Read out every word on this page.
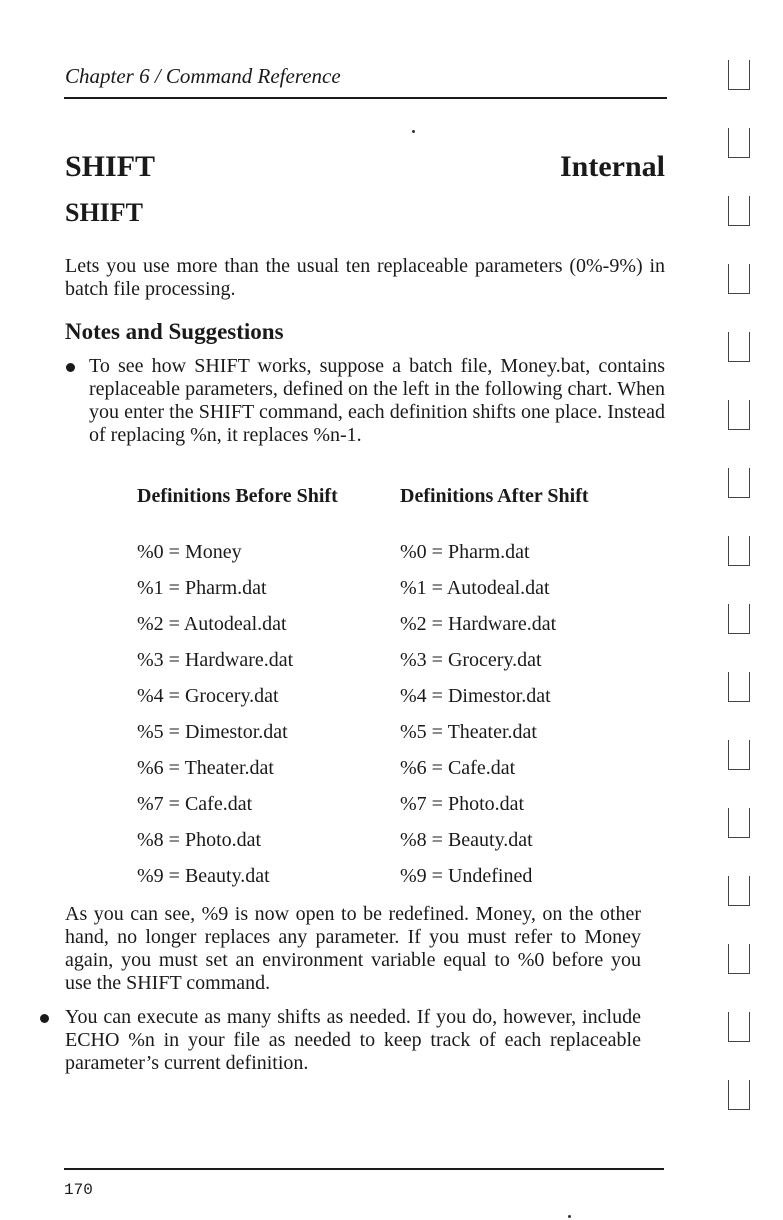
Chapter 6 / Command Reference
SHIFT	Internal
SHIFT
Lets you use more than the usual ten replaceable parameters (0%-9%) in batch file processing.
Notes and Suggestions
To see how SHIFT works, suppose a batch file, Money.bat, contains replaceable parameters, defined on the left in the following chart. When you enter the SHIFT command, each definition shifts one place. Instead of replacing %n, it replaces %n-1.
Definitions Before Shift	Definitions After Shift
%0 = Money
%1 = Pharm.dat
%2 = Autodeal.dat
%3 = Hardware.dat
%4 = Grocery.dat
%5 = Dimestor.dat
%6 = Theater.dat
%7 = Cafe.dat
%8 = Photo.dat
%9 = Beauty.dat
%0 = Pharm.dat
%1 = Autodeal.dat
%2 = Hardware.dat
%3 = Grocery.dat
%4 = Dimestor.dat
%5 = Theater.dat
%6 = Cafe.dat
%7 = Photo.dat
%8 = Beauty.dat
%9 = Undefined
As you can see, %9 is now open to be redefined. Money, on the other hand, no longer replaces any parameter. If you must refer to Money again, you must set an environment variable equal to %0 before you use the SHIFT command.
You can execute as many shifts as needed. If you do, however, include ECHO %n in your file as needed to keep track of each replaceable parameter’s current definition.
170
